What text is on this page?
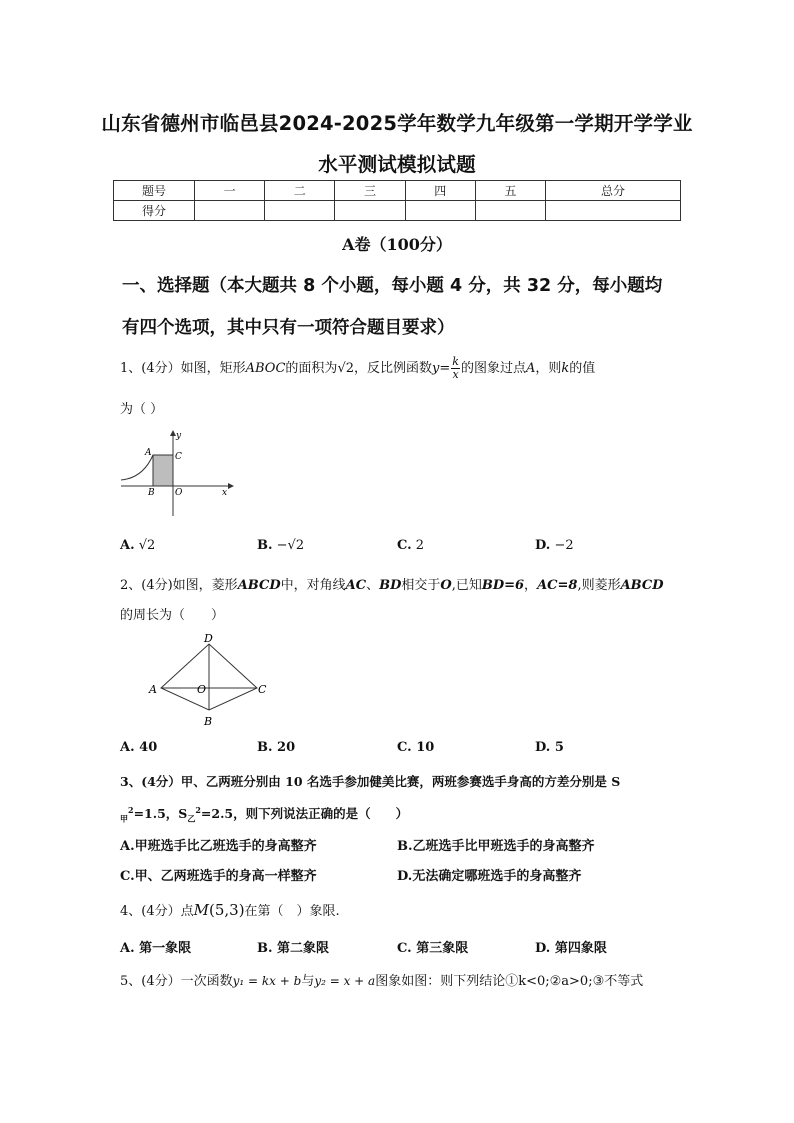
山东省德州市临邑县2024-2025学年数学九年级第一学期开学学业
水平测试模拟试题
题号	一	二	三	四	五	总分
得分						
A卷（100分）
一、选择题（本大题共 8 个小题，每小题 4 分，共 32 分，每小题均
有四个选项，其中只有一项符合题目要求）
1、(4分）如图，矩形ABOC的面积为√2，反比例函数$y= \frac{k}{x}$ 的图象过点A，则k的值
为（ ）
y
A	C
B O	x
A. √2	B. −√2	C. 2	D. −2
2、(4分)如图，菱形ABCD中，对角线AC、BD相交于O,已知BD=6，AC=8,则菱形ABCD
的周长为（　　）
D
A	O	C
B
A. 40	B. 20	C. 10	D. 5
3、(4分）甲、乙两班分别由 10 名选手参加健美比赛，两班参赛选手身高的方差分别是 S
$_甲^2$=1.5，$S_乙^2=2.5$，则下列说法正确的是（　　）
A.甲班选手比乙班选手的身高整齐	B.乙班选手比甲班选手的身高整齐
C.甲、乙两班选手的身高一样整齐	D.无法确定哪班选手的身高整齐
4、(4分）点M(5,3)在第（　）象限.
A. 第一象限	B. 第二象限	C. 第三象限	D. 第四象限
5、(4分）一次函数y₁ = kx + b与y₂ = x + a图象如图：则下列结论①k<0;②a>0;③不等式
